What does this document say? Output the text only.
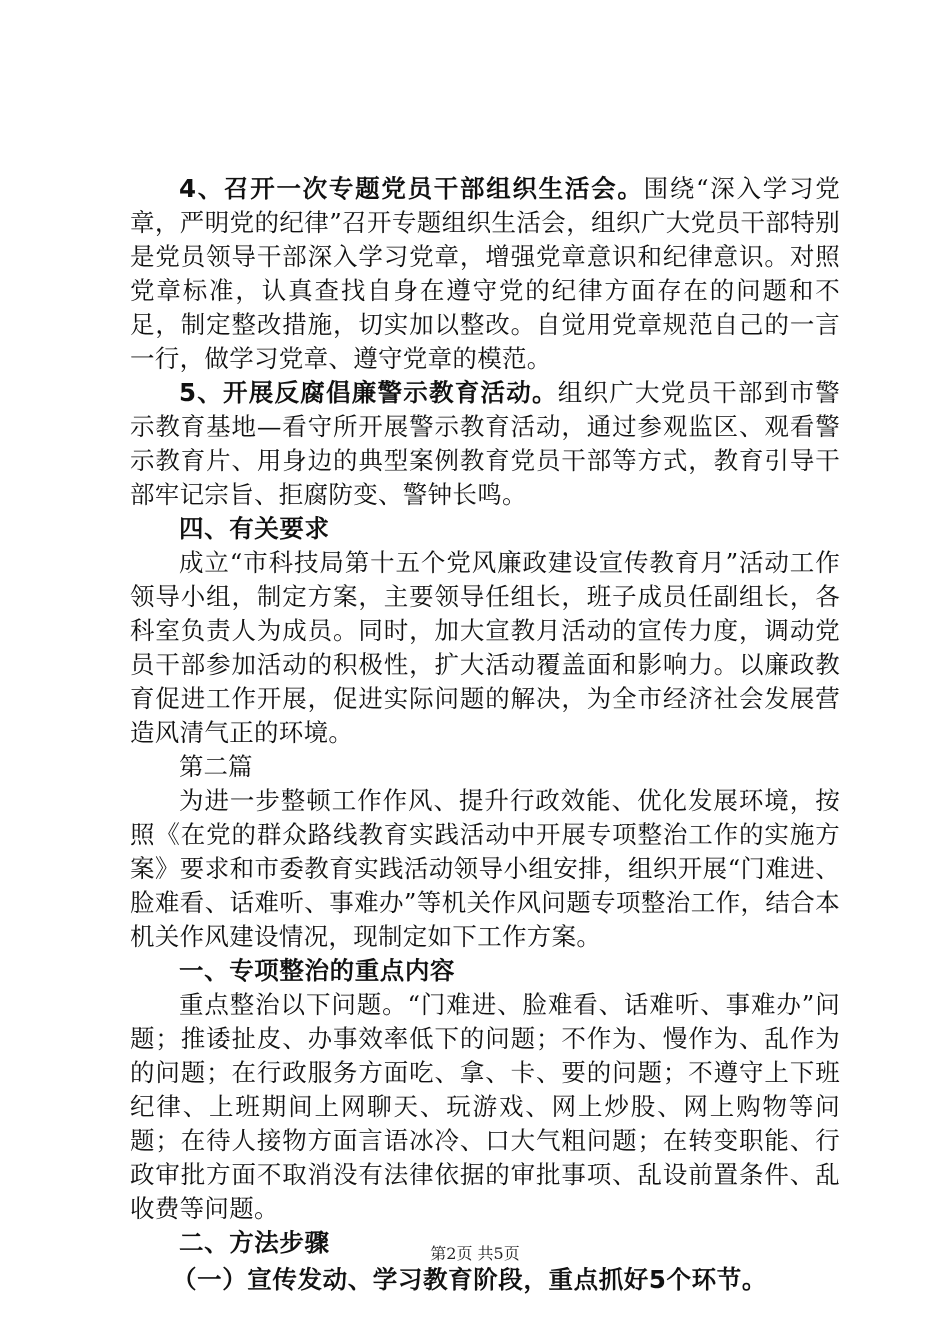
4、召开一次专题党员干部组织生活会。围绕“深入学习党章，严明党的纪律”召开专题组织生活会，组织广大党员干部特别是党员领导干部深入学习党章，增强党章意识和纪律意识。对照党章标准，认真查找自身在遵守党的纪律方面存在的问题和不足，制定整改措施，切实加以整改。自觉用党章规范自己的一言一行，做学习党章、遵守党章的模范。

5、开展反腐倡廉警示教育活动。组织广大党员干部到市警示教育基地—看守所开展警示教育活动，通过参观监区、观看警示教育片、用身边的典型案例教育党员干部等方式，教育引导干部牢记宗旨、拒腐防变、警钟长鸣。

四、有关要求

成立“市科技局第十五个党风廉政建设宣传教育月”活动工作领导小组，制定方案，主要领导任组长，班子成员任副组长，各科室负责人为成员。同时，加大宣教月活动的宣传力度，调动党员干部参加活动的积极性，扩大活动覆盖面和影响力。以廉政教育促进工作开展，促进实际问题的解决，为全市经济社会发展营造风清气正的环境。

第二篇

为进一步整顿工作作风、提升行政效能、优化发展环境，按照《在党的群众路线教育实践活动中开展专项整治工作的实施方案》要求和市委教育实践活动领导小组安排，组织开展“门难进、脸难看、话难听、事难办”等机关作风问题专项整治工作，结合本机关作风建设情况，现制定如下工作方案。

一、专项整治的重点内容

重点整治以下问题。“门难进、脸难看、话难听、事难办”问题；推诿扯皮、办事效率低下的问题；不作为、慢作为、乱作为的问题；在行政服务方面吃、拿、卡、要的问题；不遵守上下班纪律、上班期间上网聊天、玩游戏、网上炒股、网上购物等问题；在待人接物方面言语冰冷、口大气粗问题；在转变职能、行政审批方面不取消没有法律依据的审批事项、乱设前置条件、乱收费等问题。

二、方法步骤

（一）宣传发动、学习教育阶段，重点抓好5个环节。

第2页 共5页
